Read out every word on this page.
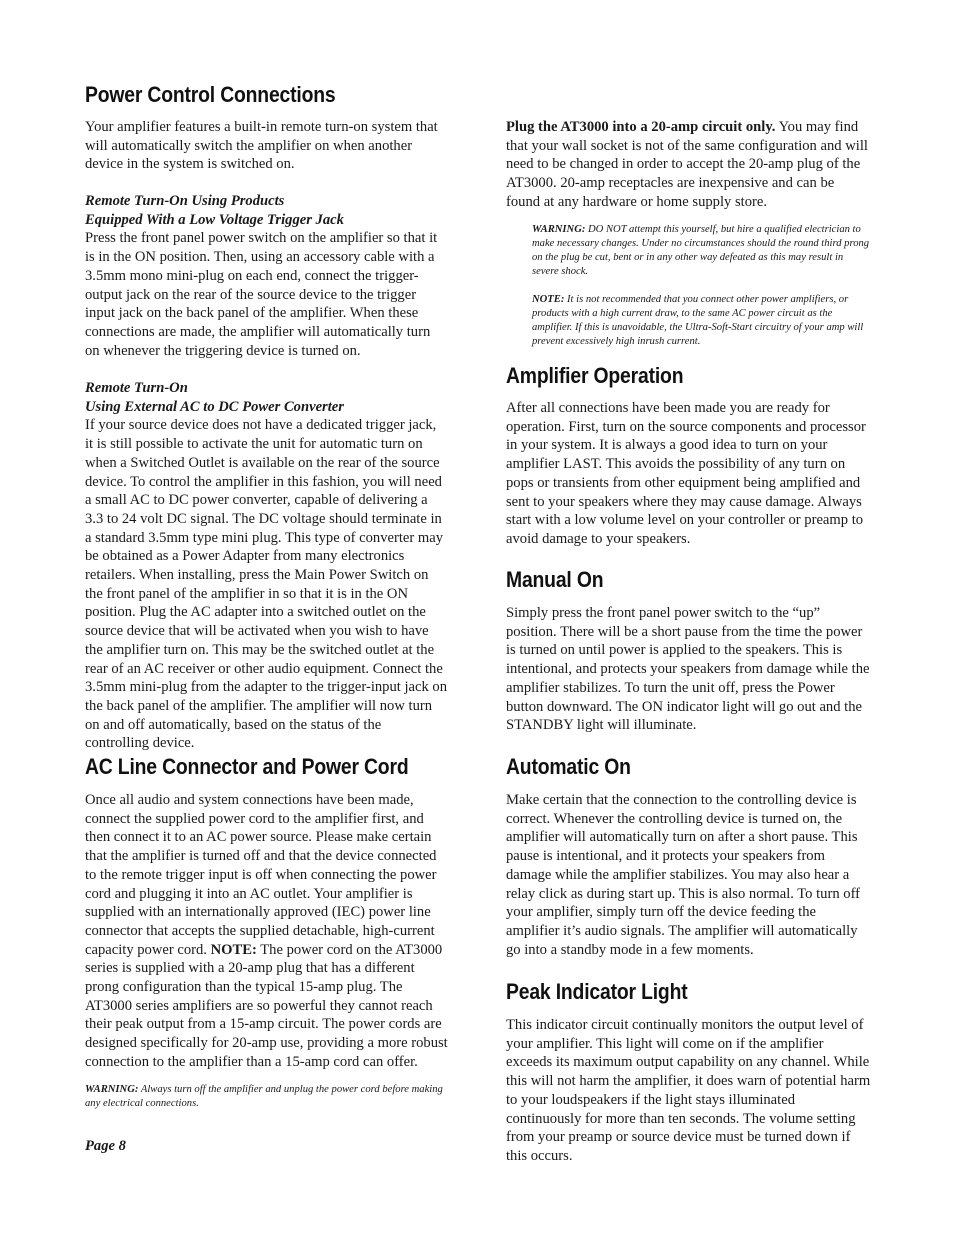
Power Control Connections

Your amplifier features a built-in remote turn-on system that will automatically switch the amplifier on when another device in the system is switched on.

Remote Turn-On Using Products

Equipped With a Low Voltage Trigger Jack

Press the front panel power switch on the amplifier so that it is in the ON position. Then, using an accessory cable with a 3.5mm mono mini-plug on each end, connect the trigger-output jack on the rear of the source device to the trigger input jack on the back panel of the amplifier. When these connections are made, the amplifier will automatically turn on whenever the triggering device is turned on.

Remote Turn-On

Using External AC to DC Power Converter

If your source device does not have a dedicated trigger jack, it is still possible to activate the unit for automatic turn on when a Switched Outlet is available on the rear of the source device. To control the amplifier in this fashion, you will need a small AC to DC power converter, capable of delivering a 3.3 to 24 volt DC signal. The DC voltage should terminate in a standard 3.5mm type mini plug. This type of converter may be obtained as a Power Adapter from many electronics retailers. When installing, press the Main Power Switch on the front panel of the amplifier in so that it is in the ON position. Plug the AC adapter into a switched outlet on the source device that will be activated when you wish to have the amplifier turn on. This may be the switched outlet at the rear of an AC receiver or other audio equipment. Connect the 3.5mm mini-plug from the adapter to the trigger-input jack on the back panel of the amplifier. The amplifier will now turn on and off automatically, based on the status of the controlling device.

AC Line Connector and Power Cord

Once all audio and system connections have been made, connect the supplied power cord to the amplifier first, and then connect it to an AC power source. Please make certain that the amplifier is turned off and that the device connected to the remote trigger input is off when connecting the power cord and plugging it into an AC outlet. Your amplifier is supplied with an internationally approved (IEC) power line connector that accepts the supplied detachable, high-current capacity power cord. NOTE: The power cord on the AT3000 series is supplied with a 20-amp plug that has a different prong configuration than the typical 15-amp plug. The AT3000 series amplifiers are so powerful they cannot reach their peak output from a 15-amp circuit. The power cords are designed specifically for 20-amp use, providing a more robust connection to the amplifier than a 15-amp cord can offer.

WARNING: Always turn off the amplifier and unplug the power cord before making any electrical connections.

Page 8

Plug the AT3000 into a 20-amp circuit only. You may find that your wall socket is not of the same configuration and will need to be changed in order to accept the 20-amp plug of the AT3000. 20-amp receptacles are inexpensive and can be found at any hardware or home supply store.

WARNING: DO NOT attempt this yourself, but hire a qualified electrician to make necessary changes. Under no circumstances should the round third prong on the plug be cut, bent or in any other way defeated as this may result in severe shock.

NOTE: It is not recommended that you connect other power amplifiers, or products with a high current draw, to the same AC power circuit as the amplifier. If this is unavoidable, the Ultra-Soft-Start circuitry of your amp will prevent excessively high inrush current.

Amplifier Operation

After all connections have been made you are ready for operation. First, turn on the source components and processor in your system. It is always a good idea to turn on your amplifier LAST. This avoids the possibility of any turn on pops or transients from other equipment being amplified and sent to your speakers where they may cause damage. Always start with a low volume level on your controller or preamp to avoid damage to your speakers.

Manual On

Simply press the front panel power switch to the “up” position. There will be a short pause from the time the power is turned on until power is applied to the speakers. This is intentional, and protects your speakers from damage while the amplifier stabilizes. To turn the unit off, press the Power button downward. The ON indicator light will go out and the STANDBY light will illuminate.

Automatic On

Make certain that the connection to the controlling device is correct. Whenever the controlling device is turned on, the amplifier will automatically turn on after a short pause. This pause is intentional, and it protects your speakers from damage while the amplifier stabilizes. You may also hear a relay click as during start up. This is also normal. To turn off your amplifier, simply turn off the device feeding the amplifier it’s audio signals. The amplifier will automatically go into a standby mode in a few moments.

Peak Indicator Light

This indicator circuit continually monitors the output level of your amplifier. This light will come on if the amplifier exceeds its maximum output capability on any channel. While this will not harm the amplifier, it does warn of potential harm to your loudspeakers if the light stays illuminated continuously for more than ten seconds. The volume setting from your preamp or source device must be turned down if this occurs.
